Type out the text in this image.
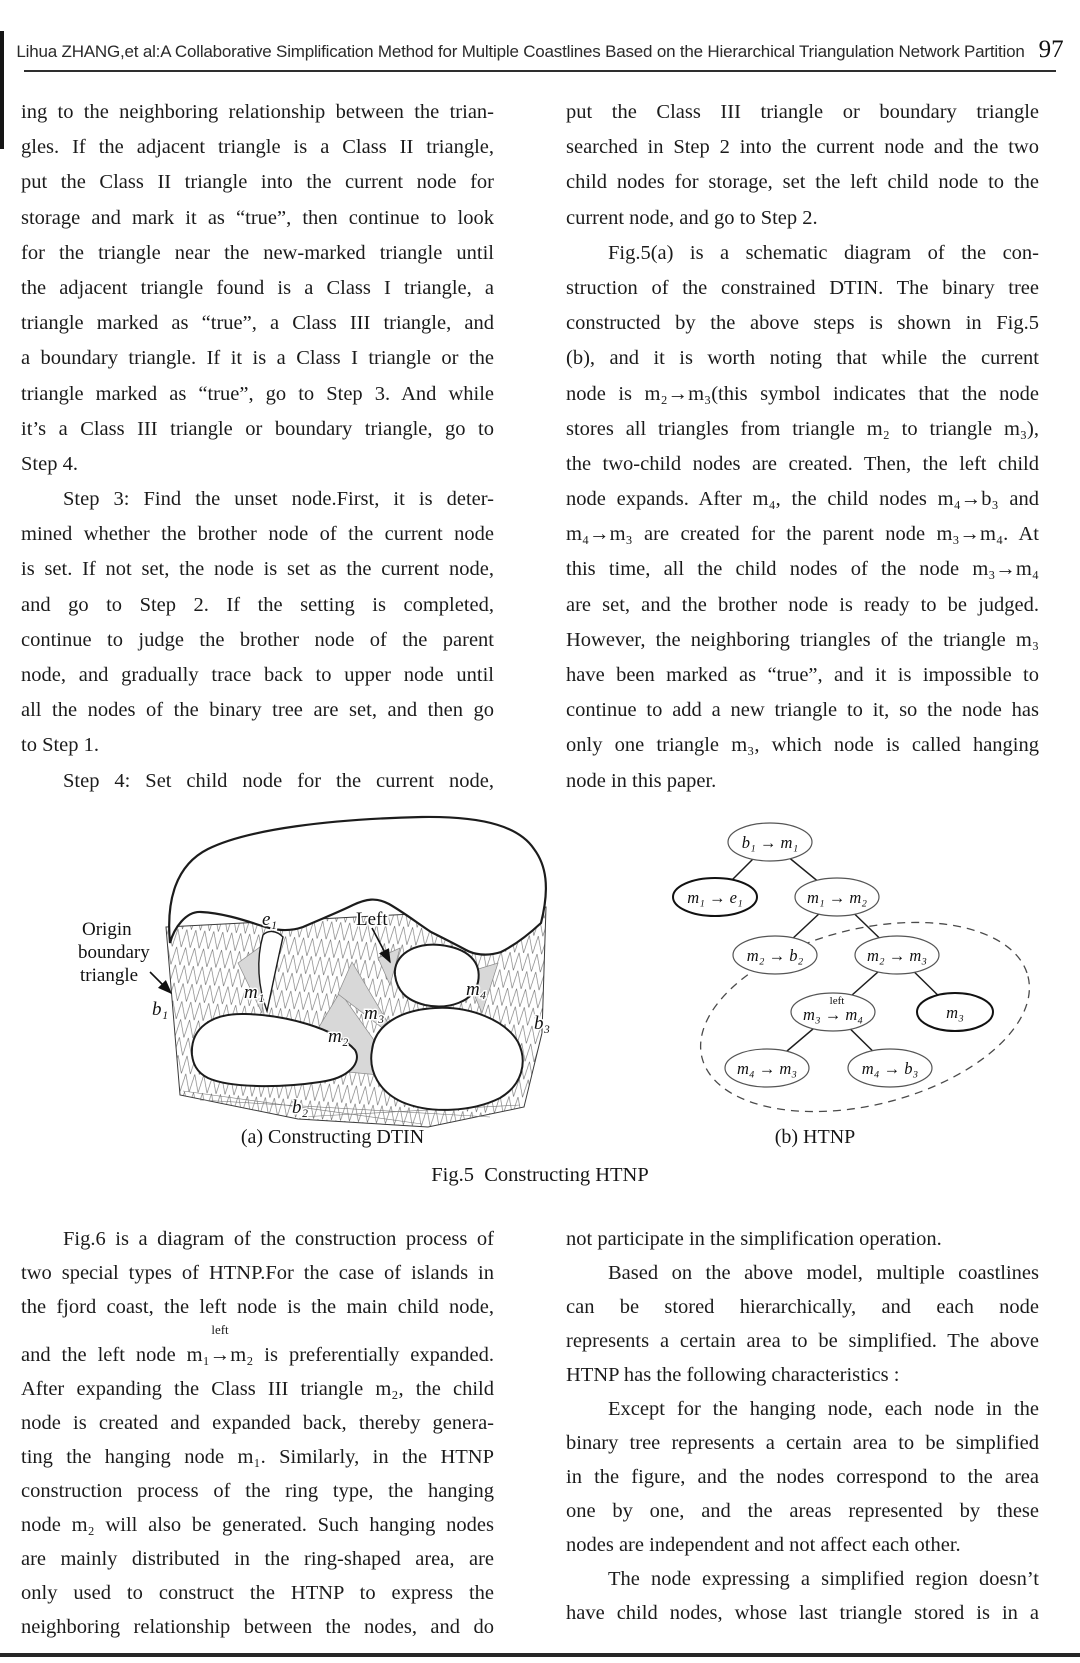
Lihua ZHANG,et al:A Collaborative Simplification Method for Multiple Coastlines Based on the Hierarchical Triangulation Network Partition 97
ing to the neighboring relationship between the trian-
gles. If the adjacent triangle is a Class II triangle,
put the Class II triangle into the current node for
storage and mark it as “true”, then continue to look
for the triangle near the new-marked triangle until
the adjacent triangle found is a Class I triangle, a
triangle marked as “true”, a Class III triangle, and
a boundary triangle. If it is a Class I triangle or the
triangle marked as “true”, go to Step 3. And while
it’s a Class III triangle or boundary triangle, go to
Step 4.
Step 3: Find the unset node.First, it is deter-
mined whether the brother node of the current node
is set. If not set, the node is set as the current node,
and go to Step 2. If the setting is completed,
continue to judge the brother node of the parent
node, and gradually trace back to upper node until
all the nodes of the binary tree are set, and then go
to Step 1.
Step 4: Set child node for the current node,
put the Class III triangle or boundary triangle
searched in Step 2 into the current node and the two
child nodes for storage, set the left child node to the
current node, and go to Step 2.
Fig.5(a) is a schematic diagram of the con-
struction of the constrained DTIN. The binary tree
constructed by the above steps is shown in Fig.5
(b), and it is worth noting that while the current
node is m₂→m₃(this symbol indicates that the node
stores all triangles from triangle m₂ to triangle m₃),
the two-child nodes are created. Then, the left child
node expands. After m₄, the child nodes m₄→b₃ and
m₄→m₃ are created for the parent node m₃→m₄. At
this time, all the child nodes of the node m₃→m₄
are set, and the brother node is ready to be judged.
However, the neighboring triangles of the triangle m₃
have been marked as “true”, and it is impossible to
continue to add a new triangle to it, so the node has
only one triangle m₃, which node is called hanging
node in this paper.
Origin
boundary
triangle
Left
e₁
m₁
m₂
m₃
m₄
b₁
b₂
b₃
b₁ → m₁
m₁ → e₁	m₁ → m₂
m₂ → b₂	m₂ → m₃
left
m₃ → m₄	m₃
m₄ → m₃	m₄ → b₃
(a) Constructing DTIN	(b) HTNP
Fig.5  Constructing HTNP
Fig.6 is a diagram of the construction process of
two special types of HTNP.For the case of islands in
the fjord coast, the left node is the main child node,
and the left node m₁
left
→m₂ is preferentially expanded.
After expanding the Class III triangle m₂, the child
node is created and expanded back, thereby genera-
ting the hanging node m₁. Similarly, in the HTNP
construction process of the ring type, the hanging
node m₂ will also be generated. Such hanging nodes
are mainly distributed in the ring-shaped area, are
only used to construct the HTNP to express the
neighboring relationship between the nodes, and do
not participate in the simplification operation.
Based on the above model, multiple coastlines
can be stored hierarchically, and each node
represents a certain area to be simplified. The above
HTNP has the following characteristics :
Except for the hanging node, each node in the
binary tree represents a certain area to be simplified
in the figure, and the nodes correspond to the area
one by one, and the areas represented by these
nodes are independent and not affect each other.
The node expressing a simplified region doesn’t
have child nodes, whose last triangle stored is in a
